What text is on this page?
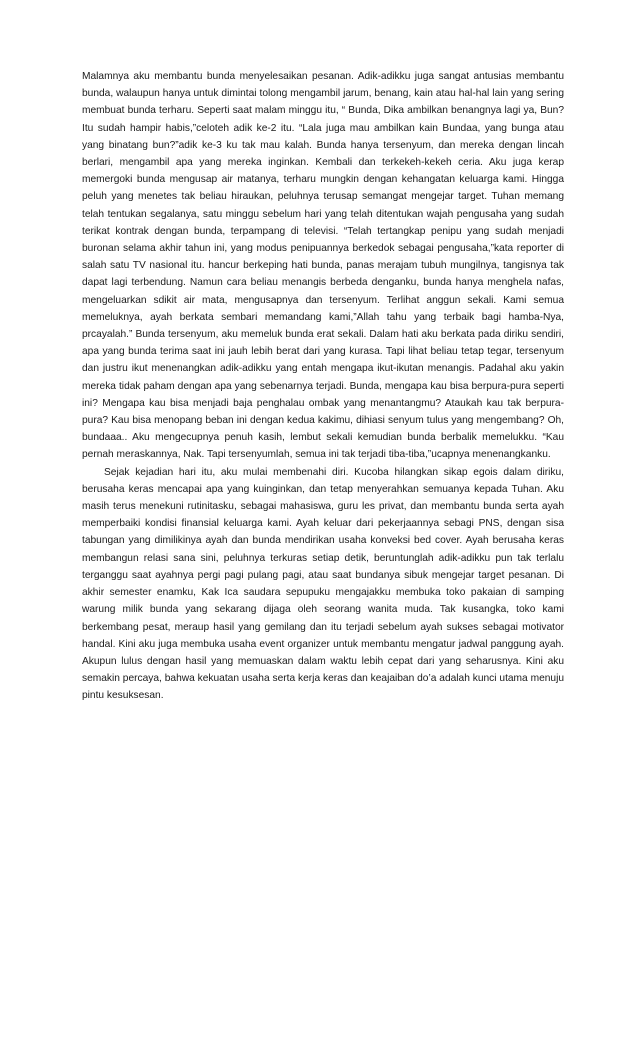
Malamnya aku membantu bunda menyelesaikan pesanan. Adik-adikku juga sangat antusias membantu bunda, walaupun hanya untuk dimintai tolong mengambil jarum, benang, kain atau hal-hal lain yang sering membuat bunda terharu. Seperti saat malam minggu itu, “ Bunda, Dika ambilkan benangnya lagi ya, Bun? Itu sudah hampir habis,”celoteh adik ke-2 itu. “Lala juga mau ambilkan kain Bundaa, yang bunga atau yang binatang bun?”adik ke-3 ku tak mau kalah. Bunda hanya tersenyum, dan mereka dengan lincah berlari, mengambil apa yang mereka inginkan. Kembali dan terkekeh-kekeh ceria. Aku juga kerap memergoki bunda mengusap air matanya, terharu mungkin dengan kehangatan keluarga kami. Hingga peluh yang menetes tak beliau hiraukan, peluhnya terusap semangat mengejar target. Tuhan memang telah tentukan segalanya, satu minggu sebelum hari yang telah ditentukan wajah pengusaha yang sudah terikat kontrak dengan bunda, terpampang di televisi. “Telah tertangkap penipu yang sudah menjadi buronan selama akhir tahun ini, yang modus penipuannya berkedok sebagai pengusaha,”kata reporter di salah satu TV nasional itu. hancur berkeping hati bunda, panas merajam tubuh mungilnya, tangisnya tak dapat lagi terbendung. Namun cara beliau menangis berbeda denganku, bunda hanya menghela nafas, mengeluarkan sdikit air mata, mengusapnya dan tersenyum. Terlihat anggun sekali. Kami semua memeluknya, ayah berkata sembari memandang kami,”Allah tahu yang terbaik bagi hamba-Nya, prcayalah.” Bunda tersenyum, aku memeluk bunda erat sekali. Dalam hati aku berkata pada diriku sendiri, apa yang bunda terima saat ini jauh lebih berat dari yang kurasa. Tapi lihat beliau tetap tegar, tersenyum dan justru ikut menenangkan adik-adikku yang entah mengapa ikut-ikutan menangis. Padahal aku yakin mereka tidak paham dengan apa yang sebenarnya terjadi. Bunda, mengapa kau bisa berpura-pura seperti ini? Mengapa kau bisa menjadi baja penghalau ombak yang menantangmu? Ataukah kau tak berpura-pura? Kau bisa menopang beban ini dengan kedua kakimu, dihiasi senyum tulus yang mengembang? Oh, bundaaa.. Aku mengecupnya penuh kasih, lembut sekali kemudian bunda berbalik memelukku. “Kau pernah meraskannya, Nak. Tapi tersenyumlah, semua ini tak terjadi tiba-tiba,”ucapnya menenangkanku.

Sejak kejadian hari itu, aku mulai membenahi diri. Kucoba hilangkan sikap egois dalam diriku, berusaha keras mencapai apa yang kuinginkan, dan tetap menyerahkan semuanya kepada Tuhan. Aku masih terus menekuni rutinitasku, sebagai mahasiswa, guru les privat, dan membantu bunda serta ayah memperbaiki kondisi finansial keluarga kami. Ayah keluar dari pekerjaannya sebagi PNS, dengan sisa tabungan yang dimilikinya ayah dan bunda mendirikan usaha konveksi bed cover. Ayah berusaha keras membangun relasi sana sini, peluhnya terkuras setiap detik, beruntunglah adik-adikku pun tak terlalu terganggu saat ayahnya pergi pagi pulang pagi, atau saat bundanya sibuk mengejar target pesanan. Di akhir semester enamku, Kak Ica saudara sepupuku mengajakku membuka toko pakaian di samping warung milik bunda yang sekarang dijaga oleh seorang wanita muda. Tak kusangka, toko kami berkembang pesat, meraup hasil yang gemilang dan itu terjadi sebelum ayah sukses sebagai motivator handal. Kini aku juga membuka usaha event organizer untuk membantu mengatur jadwal panggung ayah. Akupun lulus dengan hasil yang memuaskan dalam waktu lebih cepat dari yang seharusnya. Kini aku semakin percaya, bahwa kekuatan usaha serta kerja keras dan keajaiban do’a adalah kunci utama menuju pintu kesuksesan.
